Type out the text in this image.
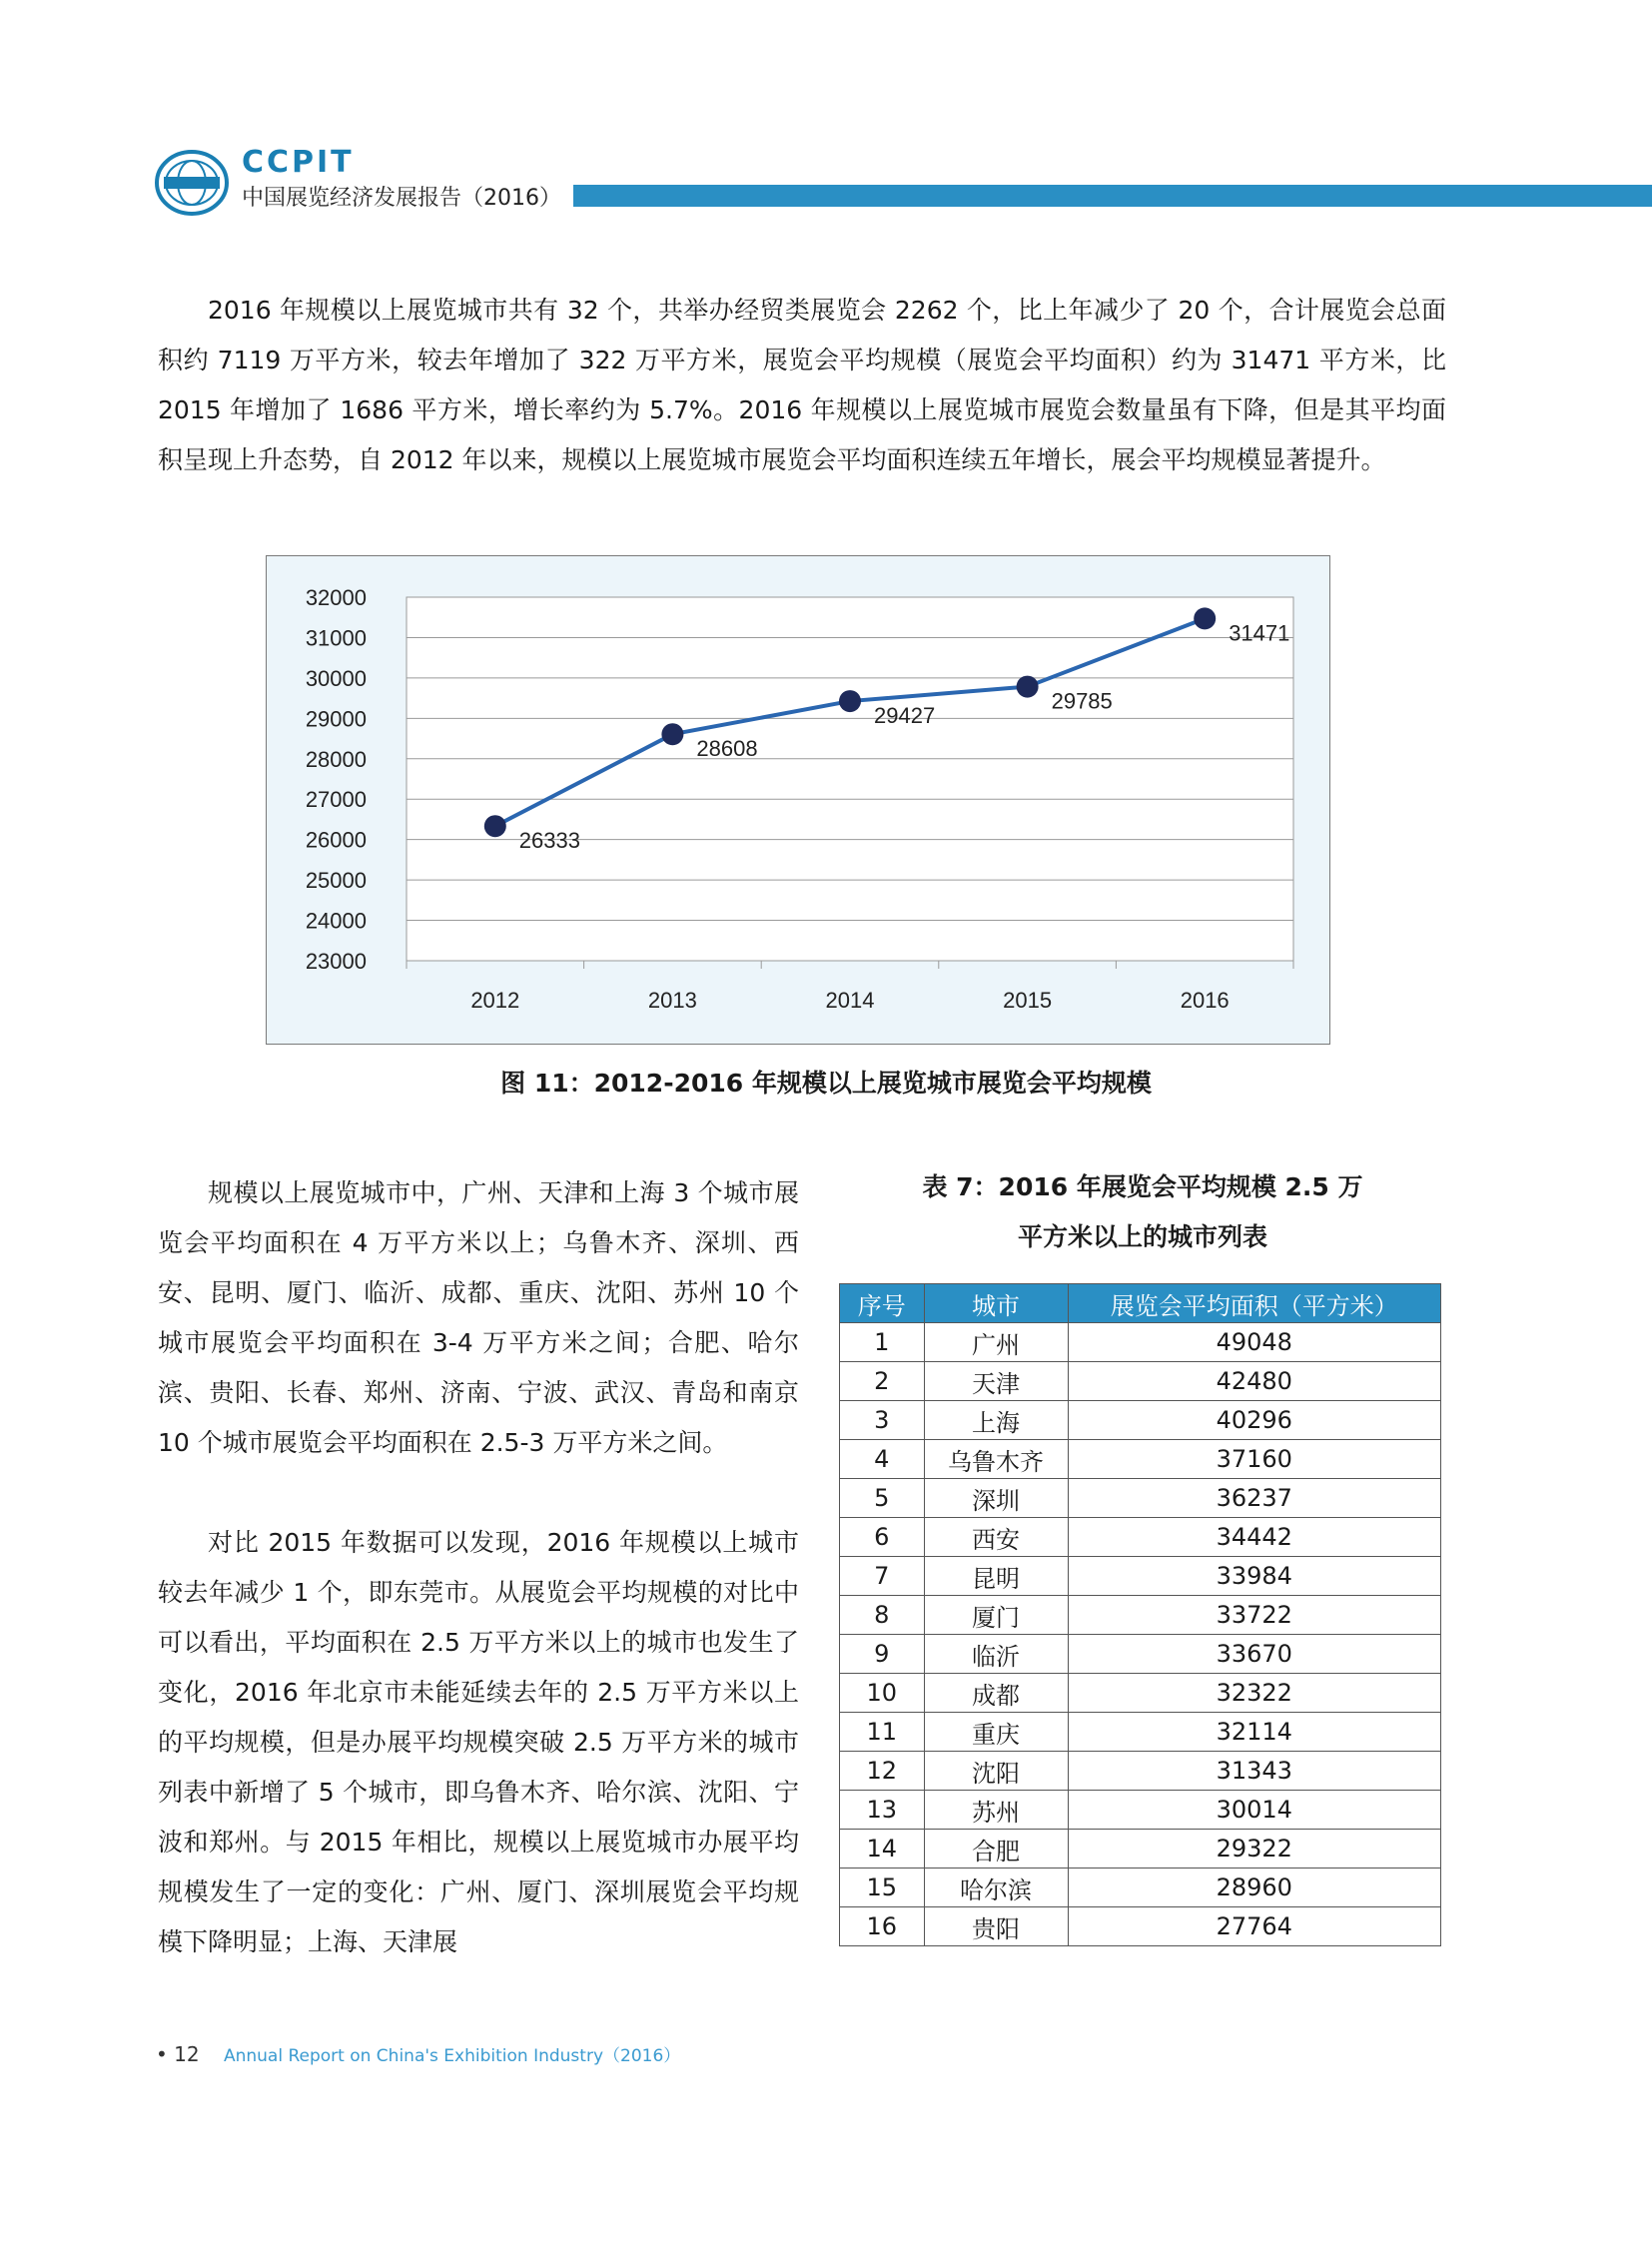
CCPIT
中国展览经济发展报告（2016）
2016 年规模以上展览城市共有 32 个，共举办经贸类展览会 2262 个，比上年减少了 20 个，合计展览会总面积约 7119 万平方米，较去年增加了 322 万平方米，展览会平均规模（展览会平均面积）约为 31471 平方米，比 2015 年增加了 1686 平方米，增长率约为 5.7%。2016 年规模以上展览城市展览会数量虽有下降，但是其平均面积呈现上升态势，自 2012 年以来，规模以上展览城市展览会平均面积连续五年增长，展会平均规模显著提升。
23000
24000
25000
26000
27000
28000
29000
30000
31000
32000
2012	2013	2014	2015	2016
26333
28608
29427
29785
31471
图 11：2012-2016 年规模以上展览城市展览会平均规模
规模以上展览城市中，广州、天津和上海 3 个城市展览会平均面积在 4 万平方米以上；乌鲁木齐、深圳、西安、昆明、厦门、临沂、成都、重庆、沈阳、苏州 10 个城市展览会平均面积在 3-4 万平方米之间；合肥、哈尔滨、贵阳、长春、郑州、济南、宁波、武汉、青岛和南京 10 个城市展览会平均面积在 2.5-3 万平方米之间。
对比 2015 年数据可以发现，2016 年规模以上城市较去年减少 1 个，即东莞市。从展览会平均规模的对比中可以看出，平均面积在 2.5 万平方米以上的城市也发生了变化，2016 年北京市未能延续去年的 2.5 万平方米以上的平均规模，但是办展平均规模突破 2.5 万平方米的城市列表中新增了 5 个城市，即乌鲁木齐、哈尔滨、沈阳、宁波和郑州。与 2015 年相比，规模以上展览城市办展平均规模发生了一定的变化：广州、厦门、深圳展览会平均规模下降明显；上海、天津展
表 7：2016 年展览会平均规模 2.5 万
平方米以上的城市列表
序号	城市	展览会平均面积（平方米）
1	广州	49048
2	天津	42480
3	上海	40296
4	乌鲁木齐	37160
5	深圳	36237
6	西安	34442
7	昆明	33984
8	厦门	33722
9	临沂	33670
10	成都	32322
11	重庆	32114
12	沈阳	31343
13	苏州	30014
14	合肥	29322
15	哈尔滨	28960
16	贵阳	27764
• 12 Annual Report on China's Exhibition Industry（2016）
